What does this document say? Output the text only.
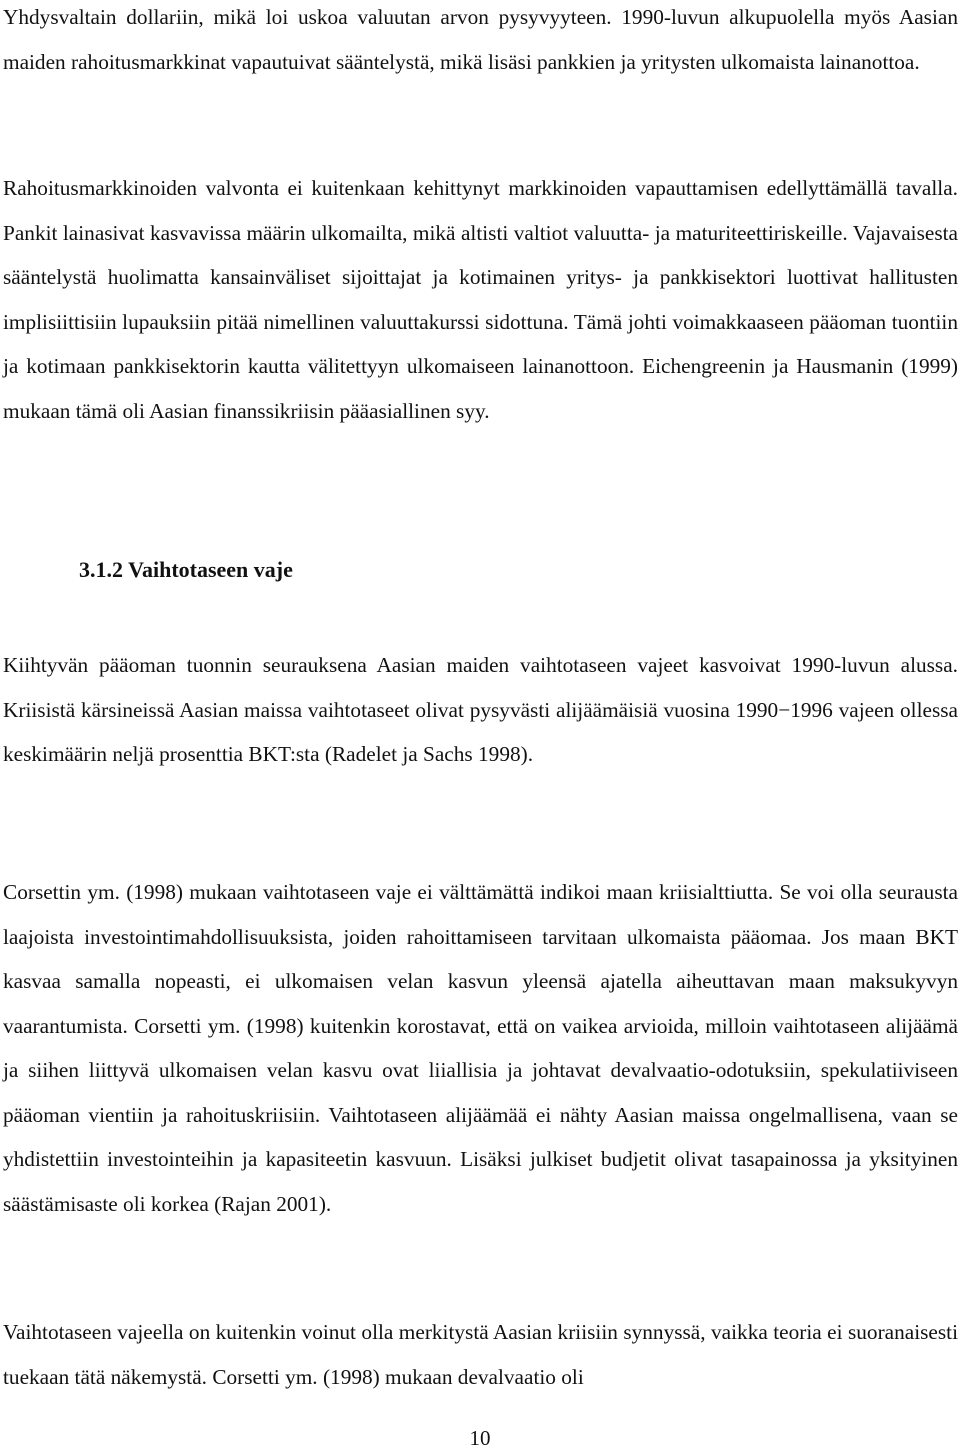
Yhdysvaltain dollariin, mikä loi uskoa valuutan arvon pysyvyyteen. 1990-luvun alkupuolella myös Aasian maiden rahoitusmarkkinat vapautuivat sääntelystä, mikä lisäsi pankkien ja yritysten ulkomaista lainanottoa.

Rahoitusmarkkinoiden valvonta ei kuitenkaan kehittynyt markkinoiden vapauttamisen edellyttämällä tavalla. Pankit lainasivat kasvavissa määrin ulkomailta, mikä altisti valtiot valuutta- ja maturiteettiriskeille. Vajavaisesta sääntelystä huolimatta kansainväliset sijoittajat ja kotimainen yritys- ja pankkisektori luottivat hallitusten implisiittisiin lupauksiin pitää nimellinen valuuttakurssi sidottuna. Tämä johti voimakkaaseen pääoman tuontiin ja kotimaan pankkisektorin kautta välitettyyn ulkomaiseen lainanottoon. Eichengreenin ja Hausmanin (1999) mukaan tämä oli Aasian finanssikriisin pääasiallinen syy.

3.1.2 Vaihtotaseen vaje

Kiihtyvän pääoman tuonnin seurauksena Aasian maiden vaihtotaseen vajeet kasvoivat 1990-luvun alussa. Kriisistä kärsineissä Aasian maissa vaihtotaseet olivat pysyvästi alijäämäisiä vuosina 1990−1996 vajeen ollessa keskimäärin neljä prosenttia BKT:sta (Radelet ja Sachs 1998).

Corsettin ym. (1998) mukaan vaihtotaseen vaje ei välttämättä indikoi maan kriisialttiutta. Se voi olla seurausta laajoista investointimahdollisuuksista, joiden rahoittamiseen tarvitaan ulkomaista pääomaa. Jos maan BKT kasvaa samalla nopeasti, ei ulkomaisen velan kasvun yleensä ajatella aiheuttavan maan maksukyvyn vaarantumista. Corsetti ym. (1998) kuitenkin korostavat, että on vaikea arvioida, milloin vaihtotaseen alijäämä ja siihen liittyvä ulkomaisen velan kasvu ovat liiallisia ja johtavat devalvaatio-odotuksiin, spekulatiiviseen pääoman vientiin ja rahoituskriisiin. Vaihtotaseen alijäämää ei nähty Aasian maissa ongelmallisena, vaan se yhdistettiin investointeihin ja kapasiteetin kasvuun. Lisäksi julkiset budjetit olivat tasapainossa ja yksityinen säästämisaste oli korkea (Rajan 2001).

Vaihtotaseen vajeella on kuitenkin voinut olla merkitystä Aasian kriisiin synnyssä, vaikka teoria ei suoranaisesti tuekaan tätä näkemystä. Corsetti ym. (1998) mukaan devalvaatio oli

10
